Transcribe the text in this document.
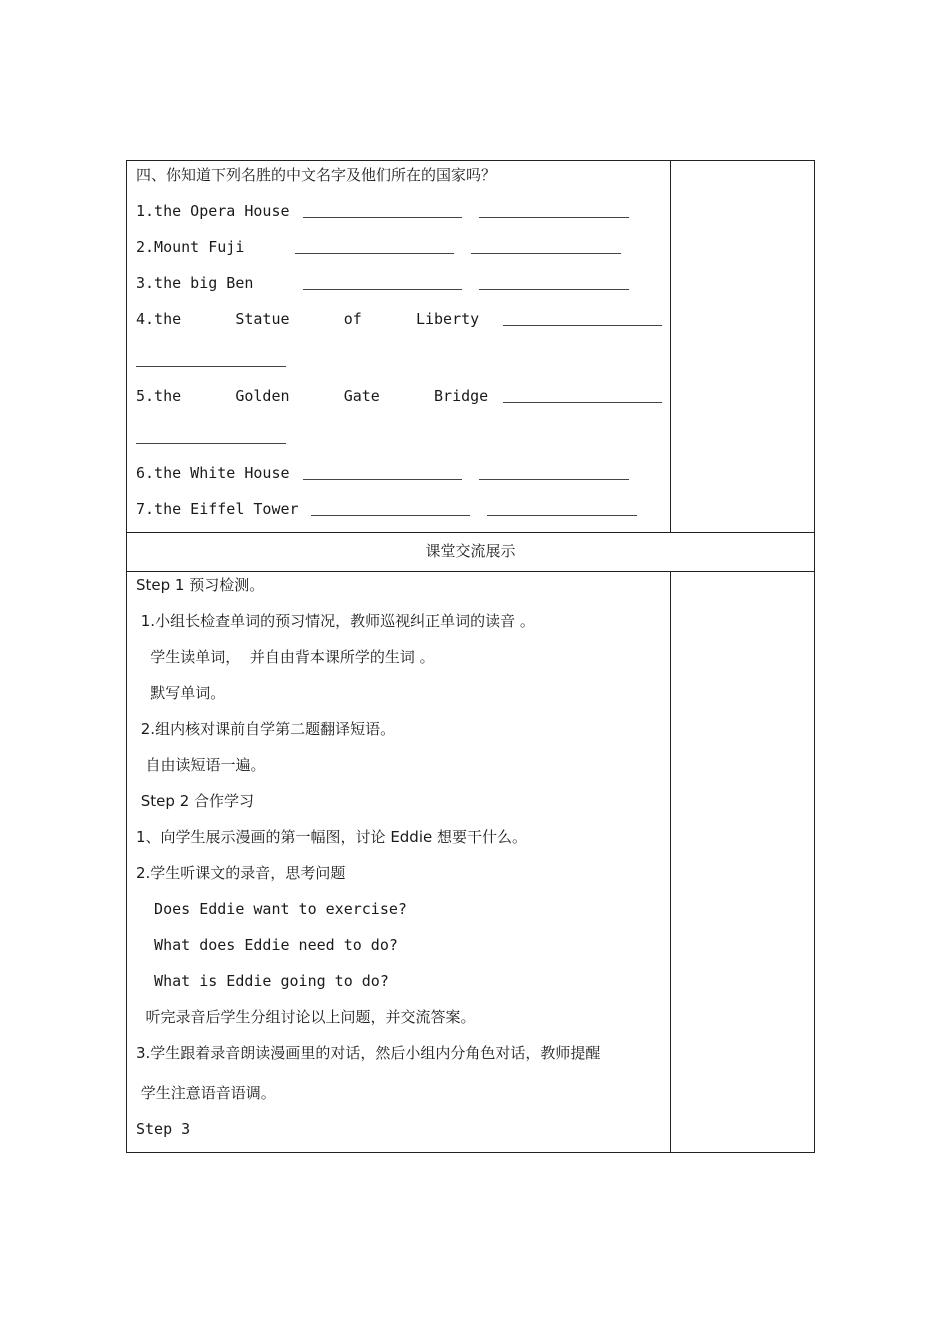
四、你知道下列名胜的中文名字及他们所在的国家吗？
1.the Opera House
2.Mount Fuji
3.the big Ben
4.the      Statue      of      Liberty
5.the      Golden      Gate      Bridge
6.the White House
7.the Eiffel Tower
课堂交流展示
Step 1 预习检测。
1.小组长检查单词的预习情况，教师巡视纠正单词的读音 。
学生读单词，  并自由背本课所学的生词 。
默写单词。
2.组内核对课前自学第二题翻译短语。
自由读短语一遍。
Step 2 合作学习
1、向学生展示漫画的第一幅图，讨论 Eddie 想要干什么。
2.学生听课文的录音，思考问题
Does Eddie want to exercise?
What does Eddie need to do?
What is Eddie going to do?
听完录音后学生分组讨论以上问题，并交流答案。
3.学生跟着录音朗读漫画里的对话，然后小组内分角色对话，教师提醒
学生注意语音语调。
Step 3
